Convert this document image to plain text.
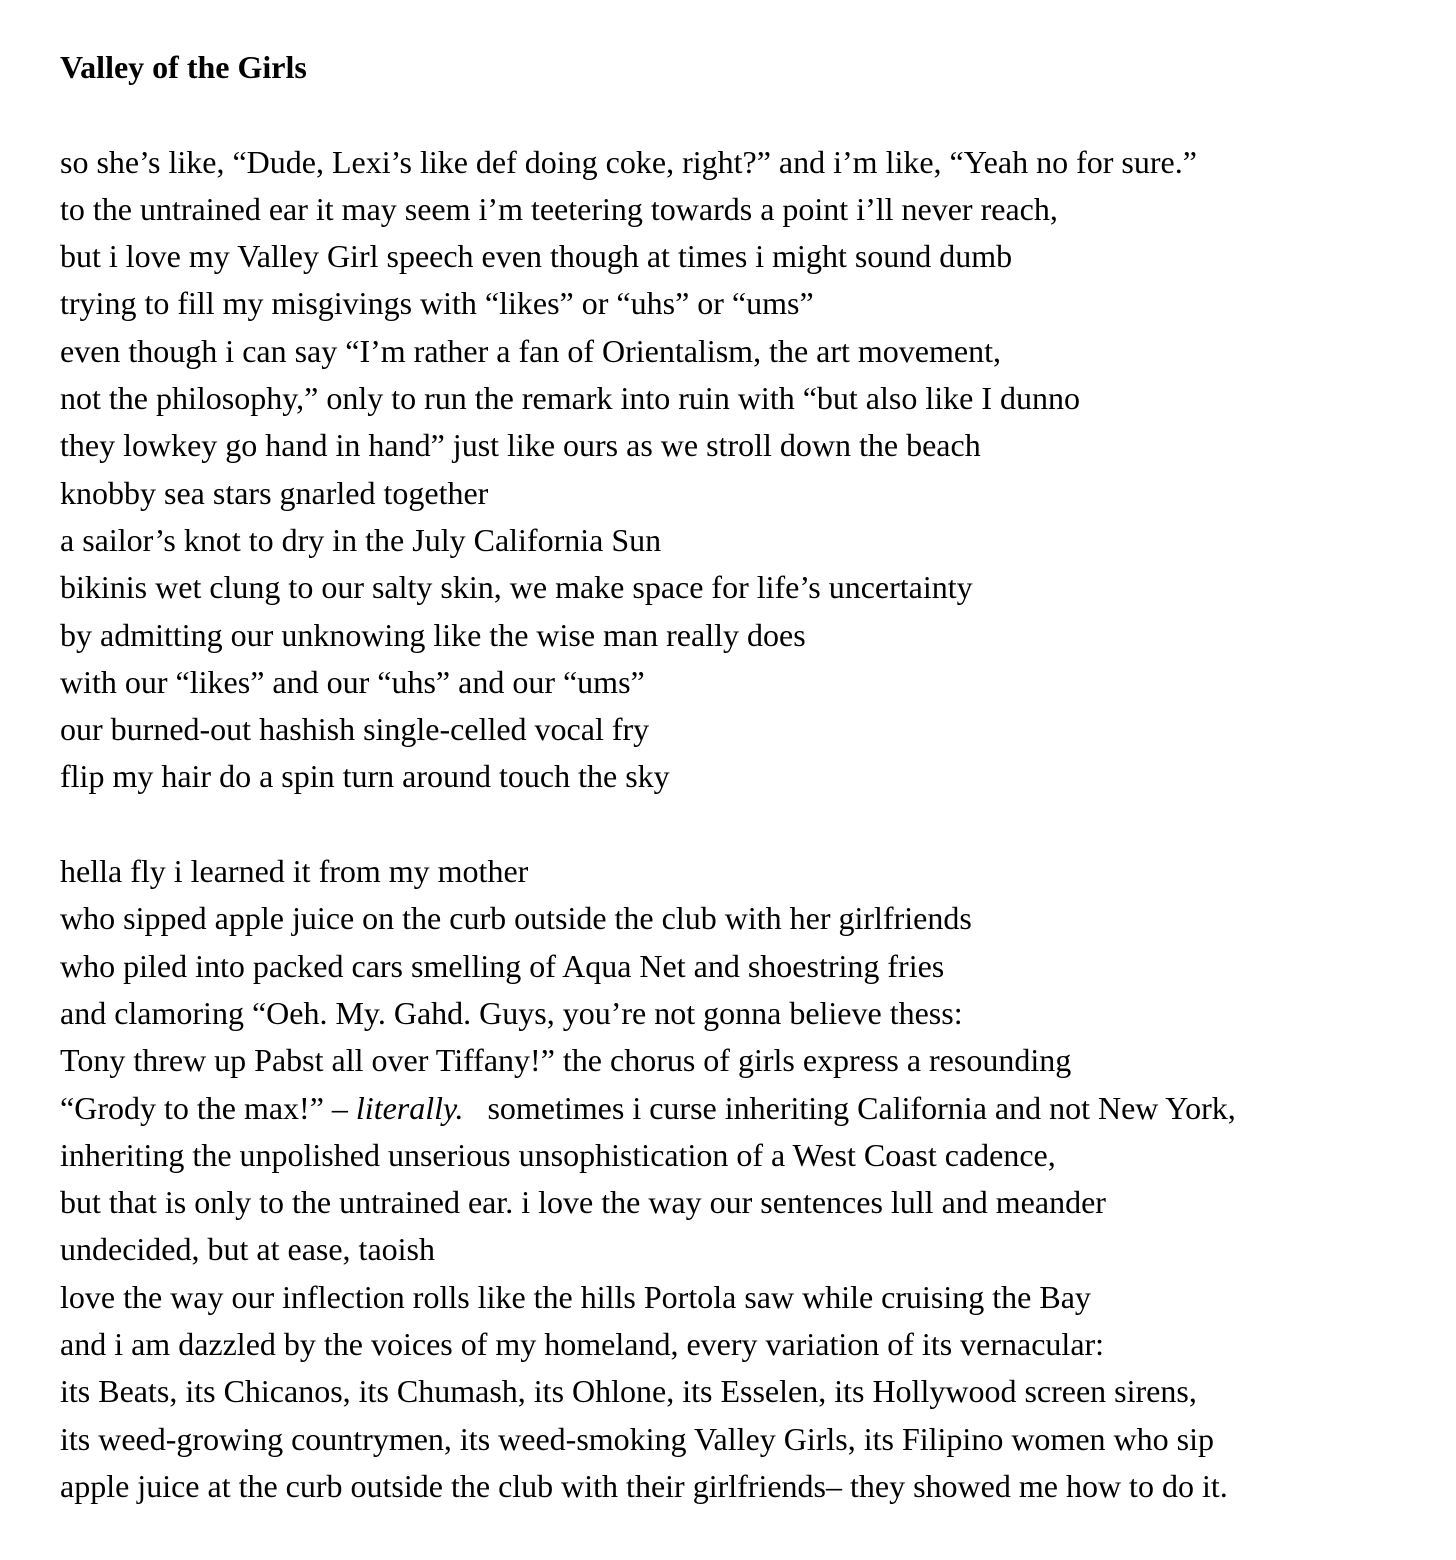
Valley of the Girls
so she’s like, “Dude, Lexi’s like def doing coke, right?” and i’m like, “Yeah no for sure.”
to the untrained ear it may seem i’m teetering towards a point i’ll never reach,
but i love my Valley Girl speech even though at times i might sound dumb
trying to fill my misgivings with “likes” or “uhs” or “ums”
even though i can say “I’m rather a fan of Orientalism, the art movement,
not the philosophy,” only to run the remark into ruin with “but also like I dunno
they lowkey go hand in hand” just like ours as we stroll down the beach
knobby sea stars gnarled together
a sailor’s knot to dry in the July California Sun
bikinis wet clung to our salty skin, we make space for life’s uncertainty
by admitting our unknowing like the wise man really does
with our “likes” and our “uhs” and our “ums”
our burned-out hashish single-celled vocal fry
flip my hair do a spin turn around touch the sky
hella fly i learned it from my mother
who sipped apple juice on the curb outside the club with her girlfriends
who piled into packed cars smelling of Aqua Net and shoestring fries
and clamoring “Oeh. My. Gahd. Guys, you’re not gonna believe thess:
Tony threw up Pabst all over Tiffany!” the chorus of girls express a resounding
“Grody to the max!” – literally.   sometimes i curse inheriting California and not New York,
inheriting the unpolished unserious unsophistication of a West Coast cadence,
but that is only to the untrained ear. i love the way our sentences lull and meander
undecided, but at ease, taoish
love the way our inflection rolls like the hills Portola saw while cruising the Bay
and i am dazzled by the voices of my homeland, every variation of its vernacular:
its Beats, its Chicanos, its Chumash, its Ohlone, its Esselen, its Hollywood screen sirens,
its weed-growing countrymen, its weed-smoking Valley Girls, its Filipino women who sip
apple juice at the curb outside the club with their girlfriends– they showed me how to do it.
